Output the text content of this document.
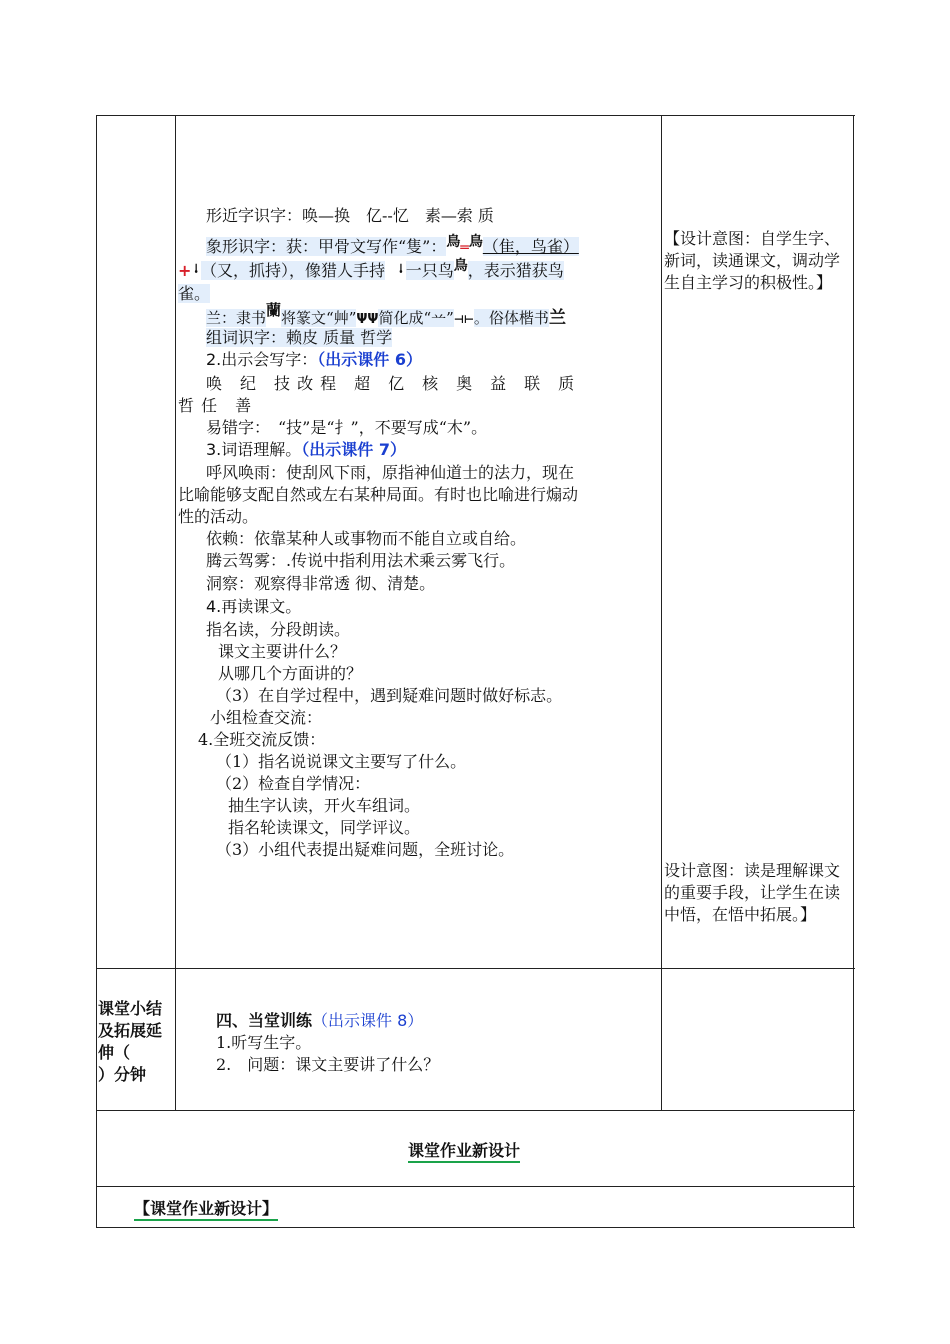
形近字识字：唤—换　亿--忆　素—索 质
象形识字：获：甲骨文写作“隻”：鳥═鳥（隹，鸟雀）
+ᛍ（又，抓持），像猎人手持 ᛍ一只鸟鳥，表示猎获鸟
雀。
兰：隶书蘭将篆文“艸”ΨΨ简化成“䒑”⊣⊢。俗体楷书兰
组词识字：赖皮 质量 哲学
2.出示会写字：（出示课件 6）
唤　纪　技 改 程　超　亿　核　奥　益　联　质
哲 任　善
易错字：　“技”是“扌”，不要写成“木”。
3.词语理解。（出示课件 7）
呼风唤雨：使刮风下雨，原指神仙道士的法力，现在
比喻能够支配自然或左右某种局面。有时也比喻进行煽动
性的活动。
依赖：依靠某种人或事物而不能自立或自给。
腾云驾雾：.传说中指利用法术乘云雾飞行。
洞察：观察得非常透 彻、清楚。
4.再读课文。
指名读，分段朗读。
课文主要讲什么？
从哪几个方面讲的？
（3）在自学过程中，遇到疑难问题时做好标志。
小组检查交流：
4.全班交流反馈：
（1）指名说说课文主要写了什么。
（2）检查自学情况：
抽生字认读，开火车组词。
指名轮读课文，同学评议。
（3）小组代表提出疑难问题，全班讨论。
【设计意图：自学生字、新词，读通课文，调动学生自主学习的积极性。】
设计意图：读是理解课文的重要手段，让学生在读中悟，在悟中拓展。】
课堂小结
及拓展延
伸（
）分钟
四、当堂训练（出示课件 8）
1.听写生字。
2.　问题：课文主要讲了什么？
课堂作业新设计
【课堂作业新设计】
